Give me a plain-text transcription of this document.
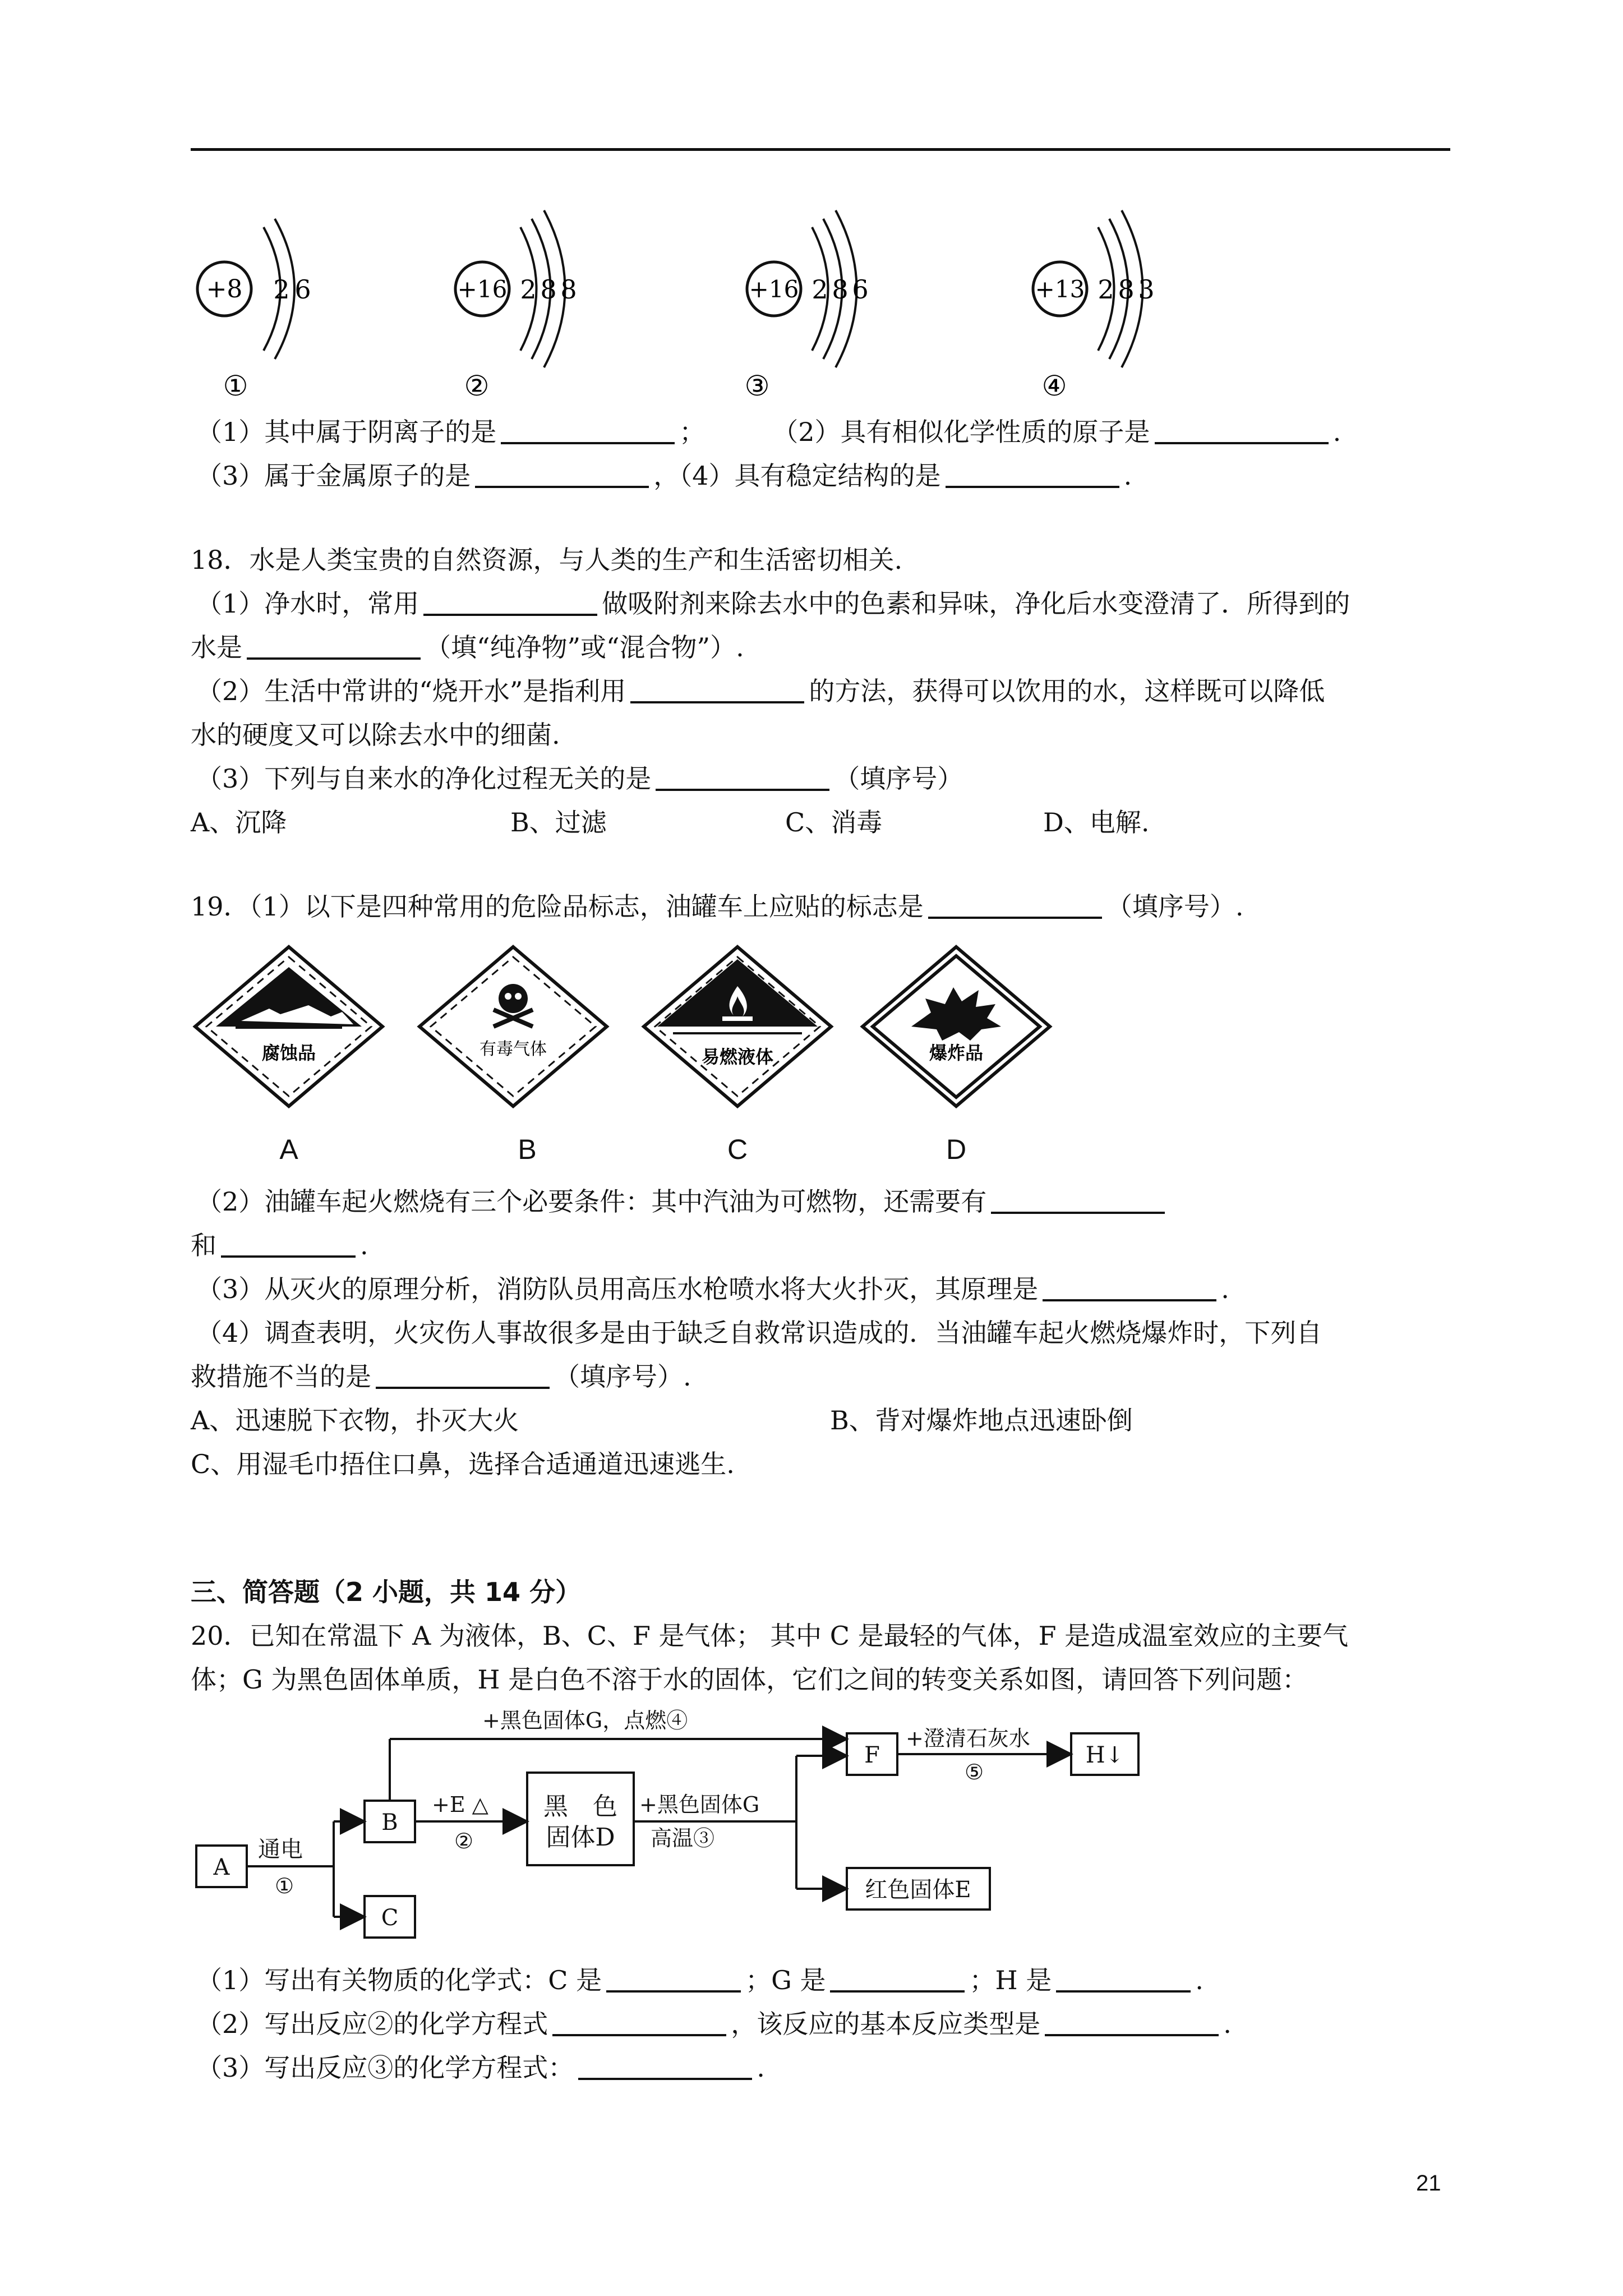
+8 2 6
①
+16 2 8 8
②
+16 2 8 6
③
+13 2 8 3
④
（1）其中属于阴离子的是	；	（2）具有相似化学性质的原子是	.
（3）属于金属原子的是	，（4）具有稳定结构的是	.
18．水是人类宝贵的自然资源，与人类的生产和生活密切相关.
（1）净水时，常用	做吸附剂来除去水中的色素和异味，净化后水变澄清了．所得到的
水是	（填“纯净物”或“混合物”）.
（2）生活中常讲的“烧开水”是指利用	的方法，获得可以饮用的水，这样既可以降低
水的硬度又可以除去水中的细菌.
（3）下列与自来水的净化过程无关的是	（填序号）
A、沉降	B、过滤	C、消毒	D、电解.
19．（1）以下是四种常用的危险品标志，油罐车上应贴的标志是	（填序号）.
腐蚀品	有毒气体	易燃液体	爆炸品
A	B	C	D
（2）油罐车起火燃烧有三个必要条件：其中汽油为可燃物，还需要有
和	.
（3）从灭火的原理分析，消防队员用高压水枪喷水将大火扑灭，其原理是	.
（4）调查表明，火灾伤人事故很多是由于缺乏自救常识造成的．当油罐车起火燃烧爆炸时，下列自
救措施不当的是	（填序号）.
A、迅速脱下衣物，扑灭大火	B、背对爆炸地点迅速卧倒
C、用湿毛巾捂住口鼻，选择合适通道迅速逃生.
三、简答题（2 小题，共 14 分）
20．已知在常温下 A 为液体，B、C、F 是气体； 其中 C 是最轻的气体，F 是造成温室效应的主要气
体；G 为黑色固体单质，H 是白色不溶于水的固体，它们之间的转变关系如图，请回答下列问题：
A
B
C
黑　色
固体D
F	H↓
红色固体E
+黑色固体G，点燃④
+E △
②
+黑色固体G
高温③
+澄清石灰水
⑤
通电
①
（1）写出有关物质的化学式：C 是	；G 是	；H 是	.
（2）写出反应②的化学方程式	，该反应的基本反应类型是	.
（3）写出反应③的化学方程式：	.
21
